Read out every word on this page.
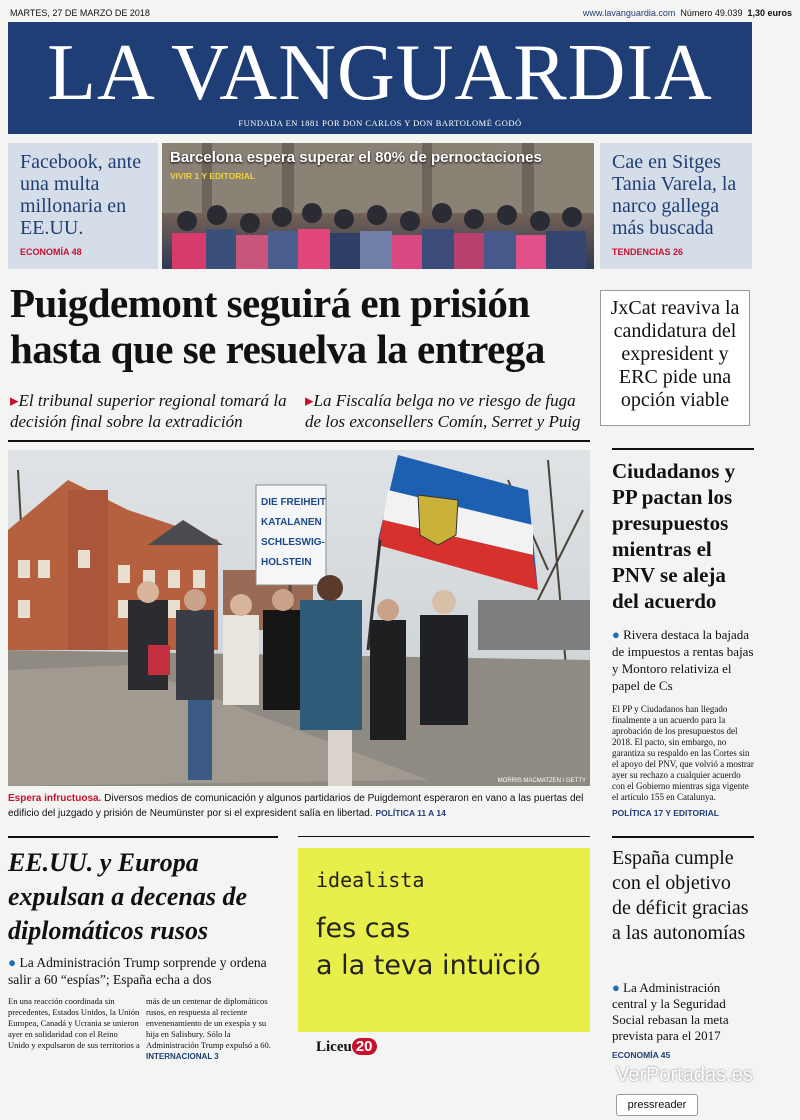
MARTES, 27 DE MARZO DE 2018	www.lavanguardia.com Número 49.039 1,30 euros
LA VANGUARDIA
FUNDADA EN 1881 POR DON CARLOS Y DON BARTOLOMÉ GODÓ
Facebook, ante una multa millonaria en EE.UU.
ECONOMÍA 48
Barcelona espera superar el 80% de pernoctaciones
VIVIR 1 Y EDITORIAL
Cae en Sitges Tania Varela, la narco gallega más buscada
TENDENCIAS 26
Puigdemont seguirá en prisión hasta que se resuelva la entrega
▸El tribunal superior regional tomará la decisión final sobre la extradición
▸La Fiscalía belga no ve riesgo de fuga de los exconsellers Comín, Serret y Puig
JxCat reaviva la candidatura del expresident y ERC pide una opción viable
DIE FREIHEIT
KATALANEN
SCHLESWIG-
HOLSTEIN
MORRIS MACMATZEN / GETTY
Espera infructuosa. Diversos medios de comunicación y algunos partidarios de Puigdemont esperaron en vano a las puertas del edificio del juzgado y prisión de Neumünster por si el expresident salía en libertad. POLÍTICA 11 A 14
Ciudadanos y PP pactan los presupuestos mientras el PNV se aleja del acuerdo
● Rivera destaca la bajada de impuestos a rentas bajas y Montoro relativiza el papel de Cs
El PP y Ciudadanos han llegado finalmente a un acuerdo para la aprobación de los presupuestos del 2018. El pacto, sin embargo, no garantiza su respaldo en las Cortes sin el apoyo del PNV, que volvió a mostrar ayer su rechazo a cualquier acuerdo con el Gobierno mientras siga vigente el artículo 155 en Catalunya.
POLÍTICA 17 Y EDITORIAL
EE.UU. y Europa expulsan a decenas de diplomáticos rusos
● La Administración Trump sorprende y ordena salir a 60 “espías”; España echa a dos
En una reacción coordinada sin precedentes, Estados Unidos, la Unión Europea, Canadá y Ucrania se unieron ayer en solidaridad con el Reino Unido y expulsaron de sus territorios a
más de un centenar de diplomáticos rusos, en respuesta al reciente envenenamiento de un exespía y su hija en Salisbury. Sólo la Administración Trump expulsó a 60. INTERNACIONAL 3
idealista
fes cas
a la teva intuïció
Liceu 20
España cumple con el objetivo de déficit gracias a las autonomías
● La Administración central y la Seguridad Social rebasan la meta prevista para el 2017
ECONOMÍA 45
VerPortadas.es
pressreader
